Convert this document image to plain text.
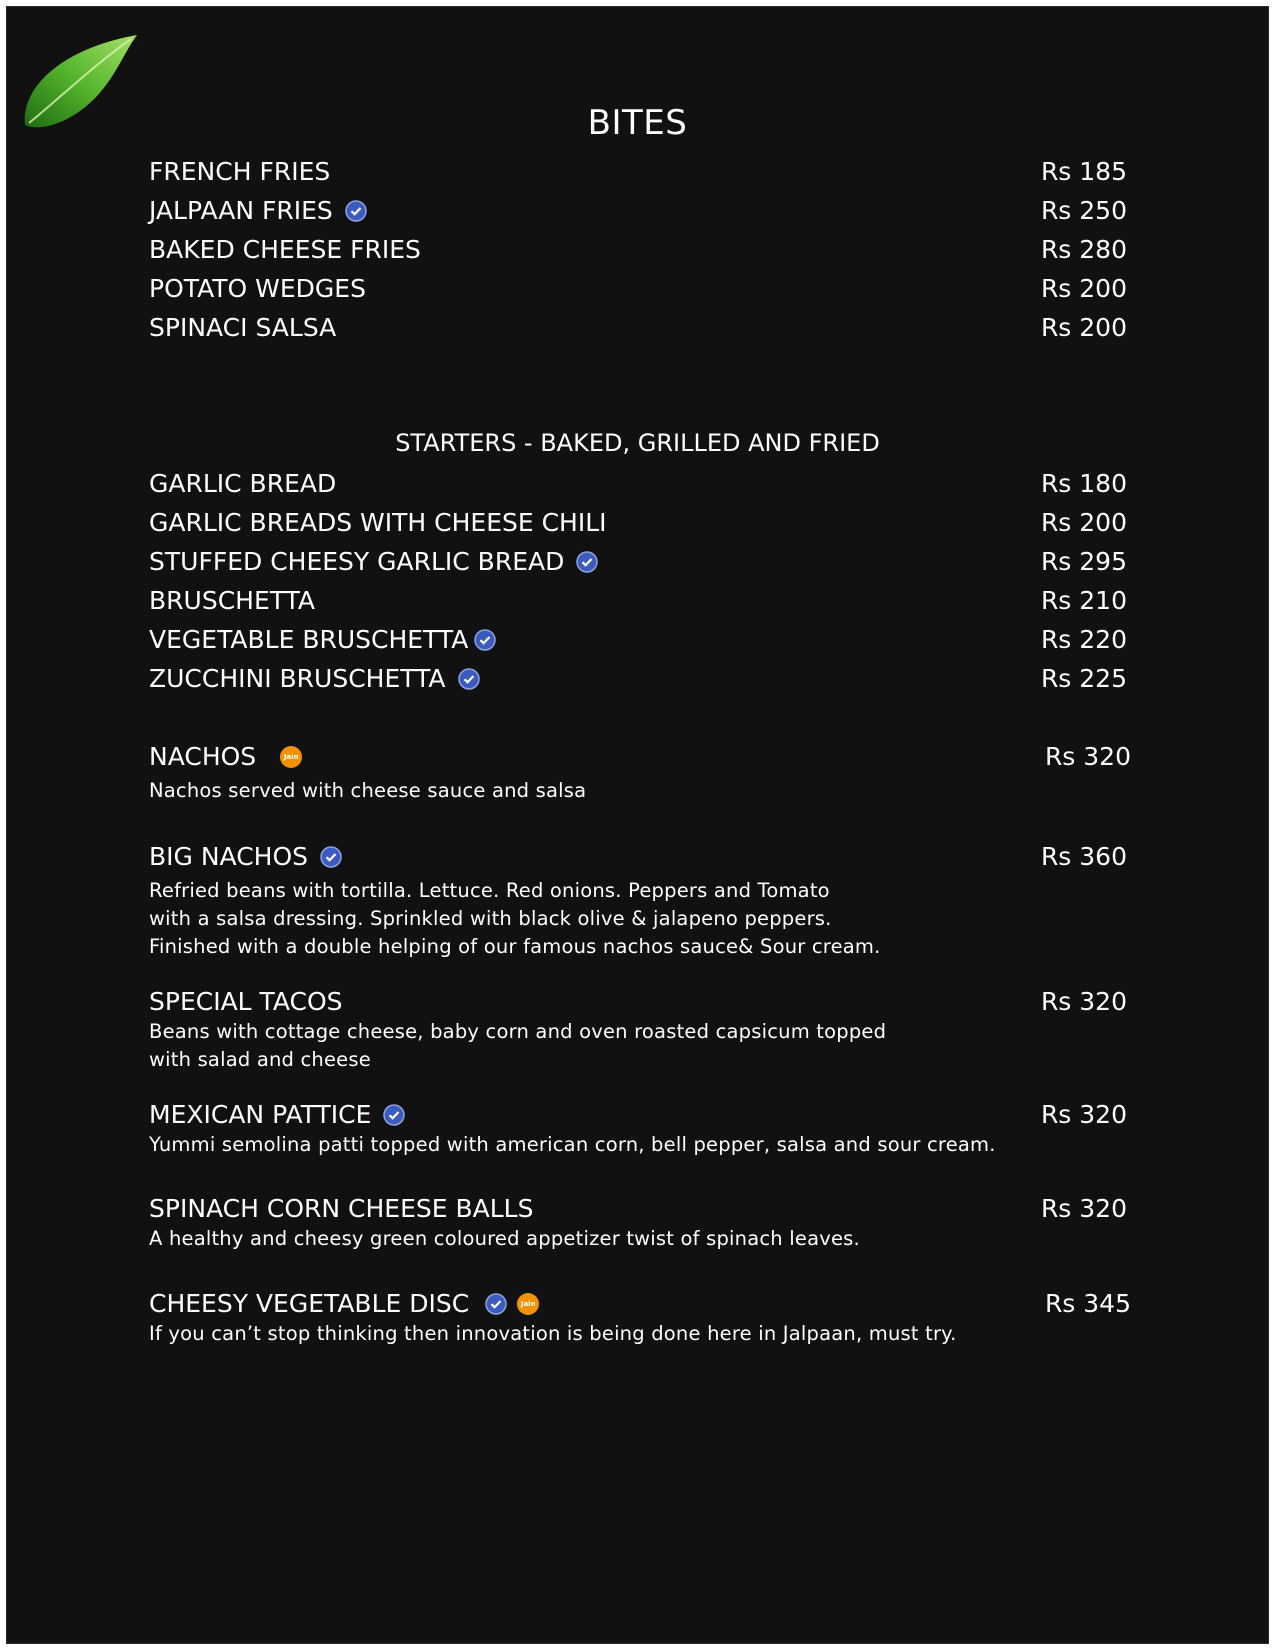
BITES
FRENCH FRIES	Rs 185
JALPAAN FRIES	Rs 250
BAKED CHEESE FRIES	Rs 280
POTATO WEDGES	Rs 200
SPINACI SALSA	Rs 200
STARTERS - BAKED, GRILLED AND FRIED
GARLIC BREAD	Rs 180
GARLIC BREADS WITH CHEESE CHILI	Rs 200
STUFFED CHEESY GARLIC BREAD	Rs 295
BRUSCHETTA	Rs 210
VEGETABLE BRUSCHETTA	Rs 220
ZUCCHINI BRUSCHETTA	Rs 225
NACHOS	Jain	Rs 320
Nachos served with cheese sauce and salsa
BIG NACHOS	Rs 360
Refried beans with tortilla. Lettuce. Red onions. Peppers and Tomato
with a salsa dressing. Sprinkled with black olive & jalapeno peppers.
Finished with a double helping of our famous nachos sauce& Sour cream.
SPECIAL TACOS	Rs 320
Beans with cottage cheese, baby corn and oven roasted capsicum topped
with salad and cheese
MEXICAN PATTICE	Rs 320
Yummi semolina patti topped with american corn, bell pepper, salsa and sour cream.
SPINACH CORN CHEESE BALLS	Rs 320
A healthy and cheesy green coloured appetizer twist of spinach leaves.
CHEESY VEGETABLE DISC	Jain	Rs 345
If you can’t stop thinking then innovation is being done here in Jalpaan, must try.
